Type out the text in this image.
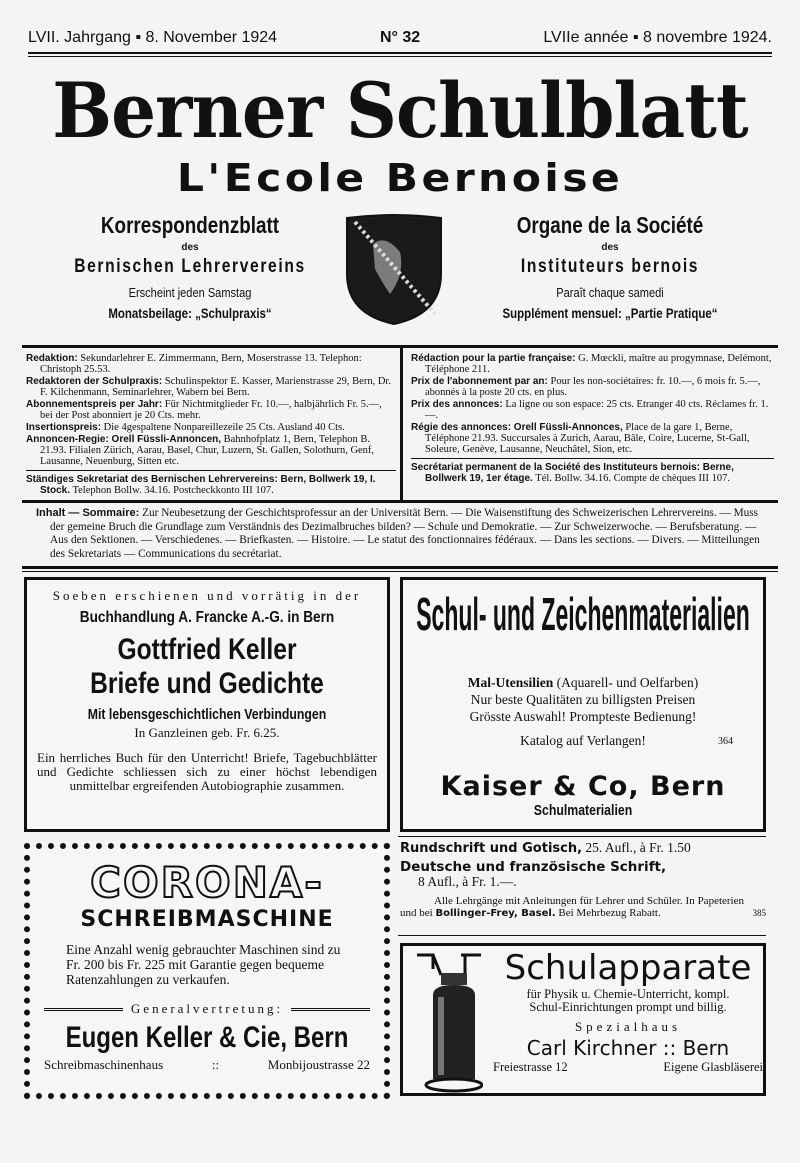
LVII. Jahrgang ▪ 8. November 1924	N° 32	LVIIe année ▪ 8 novembre 1924.
Berner Schulblatt
L'Ecole Bernoise
Korrespondenzblatt
des
Bernischen Lehrervereins
Erscheint jeden Samstag
Monatsbeilage: „Schulpraxis“
Organe de la Société
des
Instituteurs bernois
Paraît chaque samedi
Supplément mensuel: „Partie Pratique“

Redaktion: Sekundarlehrer E. Zimmermann, Bern, Moserstrasse 13. Telephon: Christoph 25.53.

Redaktoren der Schulpraxis: Schulinspektor E. Kasser, Marienstrasse 29, Bern, Dr. F. Kilchenmann, Seminarlehrer, Wabern bei Bern.

Abonnementspreis per Jahr: Für Nichtmitglieder Fr. 10.—, halbjährlich Fr. 5.—, bei der Post abonniert je 20 Cts. mehr.

Insertionspreis: Die 4gespaltene Nonpareillezeile 25 Cts. Ausland 40 Cts.

Annoncen-Regie: Orell Füssli-Annoncen, Bahnhofplatz 1, Bern, Telephon B. 21.93. Filialen Zürich, Aarau, Basel, Chur, Luzern, St. Gallen, Solothurn, Genf, Lausanne, Neuenburg, Sitten etc.

Ständiges Sekretariat des Bernischen Lehrervereins: Bern, Bollwerk 19, I. Stock. Telephon Bollw. 34.16. Postcheckkonto III 107.

Rédaction pour la partie française: G. Mœckli, maître au progymnase, Delémont, Téléphone 211.

Prix de l'abonnement par an: Pour les non-sociétaires: fr. 10.—, 6 mois fr. 5.—, abonnés à la poste 20 cts. en plus.

Prix des annonces: La ligne ou son espace: 25 cts. Etranger 40 cts. Réclames fr. 1.—.

Régie des annonces: Orell Füssli-Annonces, Place de la gare 1, Berne, Téléphone 21.93. Succursales à Zurich, Aarau, Bâle, Coire, Lucerne, St-Gall, Soleure, Genève, Lausanne, Neuchâtel, Sion, etc.

Secrétariat permanent de la Société des Instituteurs bernois: Berne, Bollwerk 19, 1er étage. Tél. Bollw. 34.16. Compte de chèques III 107.

Inhalt — Sommaire: Zur Neubesetzung der Geschichtsprofessur an der Universität Bern. — Die Waisenstiftung des Schweizerischen Lehrervereins. — Muss der gemeine Bruch die Grundlage zum Verständnis des Dezimalbruches bilden? — Schule und Demokratie. — Zur Schweizerwoche. — Berufsberatung. — Aus den Sektionen. — Verschiedenes. — Briefkasten. — Histoire. — Le statut des fonctionnaires fédéraux. — Dans les sections. — Divers. — Mitteilungen des Sekretariats — Communications du secrétariat.

Soeben erschienen und vorrätig in der
Buchhandlung A. Francke A.-G. in Bern
Gottfried Keller
Briefe und Gedichte
Mit lebensgeschichtlichen Verbindungen
In Ganzleinen geb. Fr. 6.25.
Ein herrliches Buch für den Unterricht! Briefe, Tagebuchblätter und Gedichte schliessen sich zu einer höchst lebendigen unmittelbar ergreifenden Autobiographie zusammen.
Schul- und Zeichenmaterialien
Mal-Utensilien (Aquarell- und Oelfarben)
Nur beste Qualitäten zu billigsten Preisen
Grösste Auswahl! Prompteste Bedienung!
Katalog auf Verlangen!	364
Kaiser & Co, Bern
Schulmaterialien
CORONA-
SCHREIBMASCHINE
Eine Anzahl wenig gebrauchter Maschinen sind zu Fr. 200 bis Fr. 225 mit Garantie gegen bequeme Ratenzahlungen zu verkaufen.
Generalvertretung:
Eugen Keller & Cie, Bern
Schreibmaschinenhaus	::	Monbijoustrasse 22
Rundschrift und Gotisch, 25. Aufl., à Fr. 1.50
Deutsche und französische Schrift,
8 Aufl., à Fr. 1.—.
Alle Lehrgänge mit Anleitungen für Lehrer und Schüler. In Papeterien und bei Bollinger-Frey, Basel. Bei Mehrbezug Rabatt.	385
Schulapparate
für Physik u. Chemie-Unterricht, kompl.
Schul-Einrichtungen prompt und billig.
Spezialhaus
Carl Kirchner :: Bern
Freiestrasse 12	Eigene Glasbläserei
